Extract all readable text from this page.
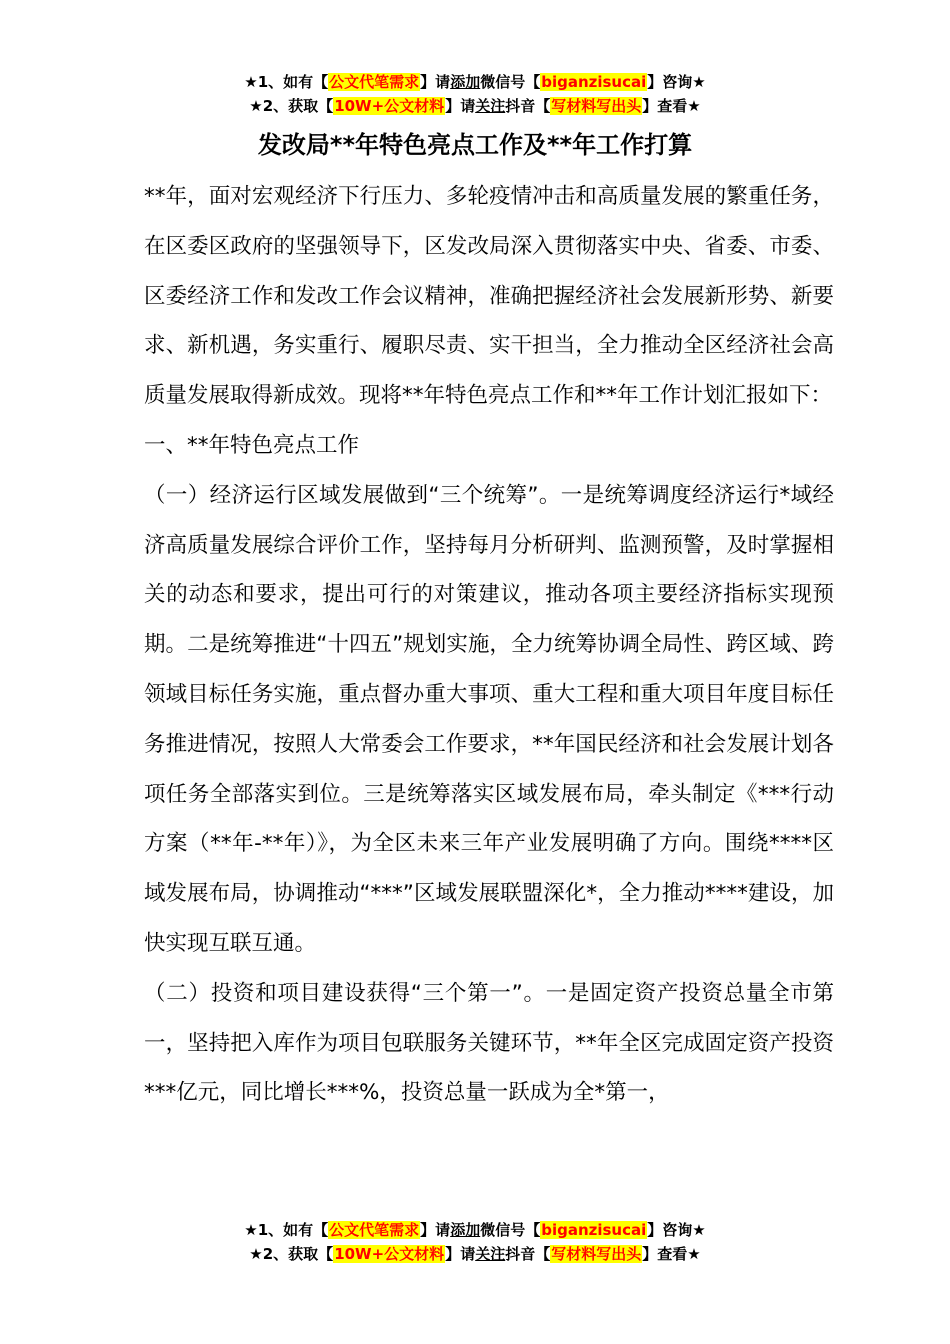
★1、如有【公文代笔需求】请添加微信号【biganzisucai】咨询★
★2、获取【10W+公文材料】请关注抖音【写材料写出头】查看★
发改局**年特色亮点工作及**年工作打算

**年，面对宏观经济下行压力、多轮疫情冲击和高质量发展的繁重任务，在区委区政府的坚强领导下，区发改局深入贯彻落实中央、省委、市委、区委经济工作和发改工作会议精神，准确把握经济社会发展新形势、新要求、新机遇，务实重行、履职尽责、实干担当，全力推动全区经济社会高质量发展取得新成效。现将**年特色亮点工作和**年工作计划汇报如下：

一、**年特色亮点工作

（一）经济运行区域发展做到“三个统筹”。一是统筹调度经济运行*域经济高质量发展综合评价工作，坚持每月分析研判、监测预警，及时掌握相关的动态和要求，提出可行的对策建议，推动各项主要经济指标实现预期。二是统筹推进“十四五”规划实施，全力统筹协调全局性、跨区域、跨领域目标任务实施，重点督办重大事项、重大工程和重大项目年度目标任务推进情况，按照人大常委会工作要求，**年国民经济和社会发展计划各项任务全部落实到位。三是统筹落实区域发展布局，牵头制定《***行动方案（**年-**年）》，为全区未来三年产业发展明确了方向。围绕****区域发展布局，协调推动“***”区域发展联盟深化*，全力推动****建设，加快实现互联互通。

（二）投资和项目建设获得“三个第一”。一是固定资产投资总量全市第一，坚持把入库作为项目包联服务关键环节，**年全区完成固定资产投资***亿元，同比增长***%，投资总量一跃成为全*第一，

★1、如有【公文代笔需求】请添加微信号【biganzisucai】咨询★
★2、获取【10W+公文材料】请关注抖音【写材料写出头】查看★
